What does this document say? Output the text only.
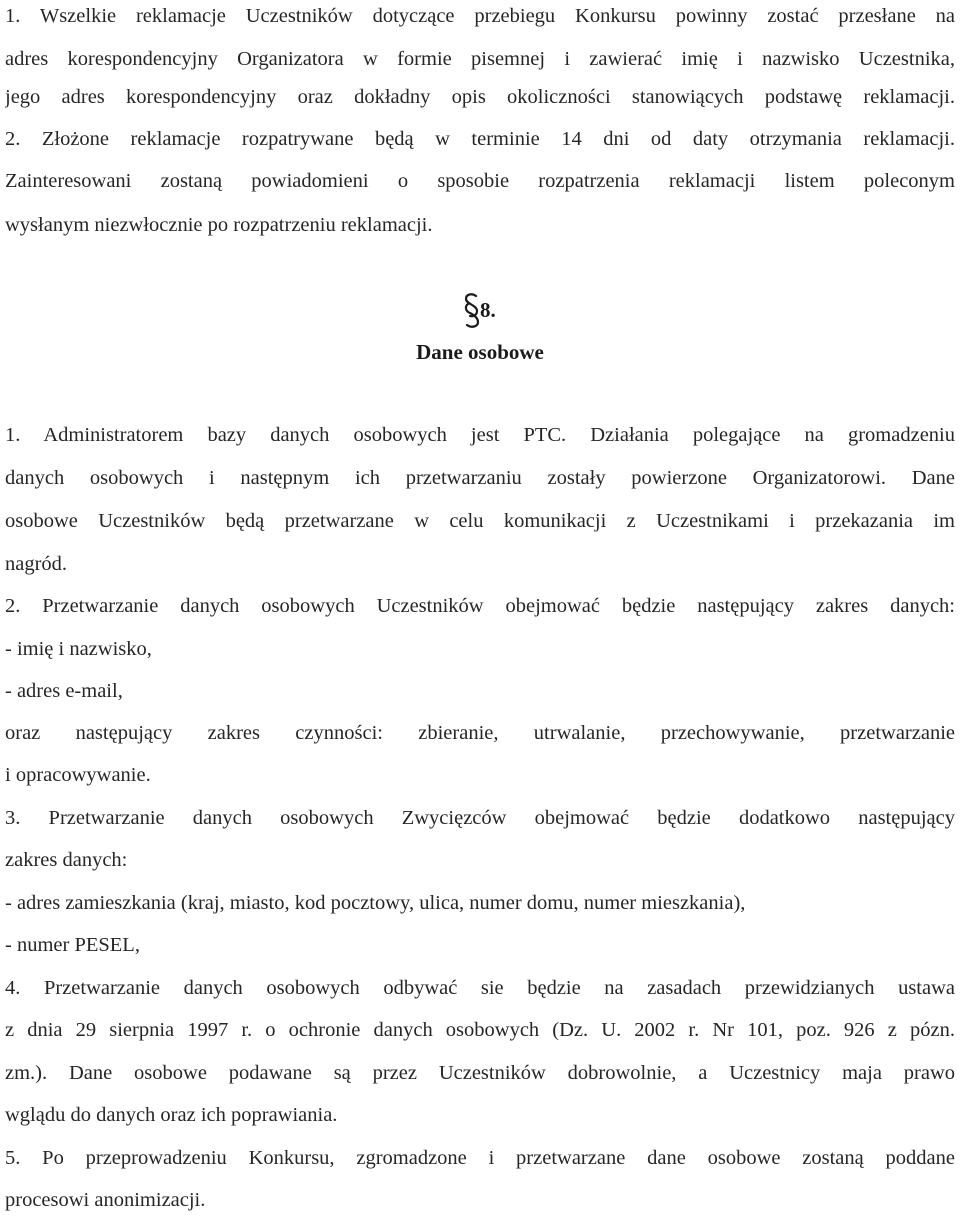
1. Wszelkie reklamacje Uczestników dotyczące przebiegu Konkursu powinny zostać przesłane na
adres korespondencyjny Organizatora w formie pisemnej i zawierać imię i nazwisko Uczestnika,
jego adres korespondencyjny oraz dokładny opis okoliczności stanowiących podstawę reklamacji.
2. Złożone reklamacje rozpatrywane będą w terminie 14 dni od daty otrzymania reklamacji.
Zainteresowani zostaną powiadomieni o sposobie rozpatrzenia reklamacji listem poleconym
wysłanym niezwłocznie po rozpatrzeniu reklamacji.
8.
Dane osobowe
1. Administratorem bazy danych osobowych jest PTC. Działania polegające na gromadzeniu
danych osobowych i następnym ich przetwarzaniu zostały powierzone Organizatorowi. Dane
osobowe Uczestników będą przetwarzane w celu komunikacji z Uczestnikami i przekazania im
nagród.
2. Przetwarzanie danych osobowych Uczestników obejmować będzie następujący zakres danych:
- imię i nazwisko,
- adres e-mail,
oraz następujący zakres czynności: zbieranie, utrwalanie, przechowywanie, przetwarzanie
i opracowywanie.
3. Przetwarzanie danych osobowych Zwycięzców obejmować będzie dodatkowo następujący
zakres danych:
- adres zamieszkania (kraj, miasto, kod pocztowy, ulica, numer domu, numer mieszkania),
- numer PESEL,
4. Przetwarzanie danych osobowych odbywać sie będzie na zasadach przewidzianych ustawa
z dnia 29 sierpnia 1997 r. o ochronie danych osobowych (Dz. U. 2002 r. Nr 101, poz. 926 z pózn.
zm.). Dane osobowe podawane są przez Uczestników dobrowolnie, a Uczestnicy maja prawo
wglądu do danych oraz ich poprawiania.
5. Po przeprowadzeniu Konkursu, zgromadzone i przetwarzane dane osobowe zostaną poddane
procesowi anonimizacji.
